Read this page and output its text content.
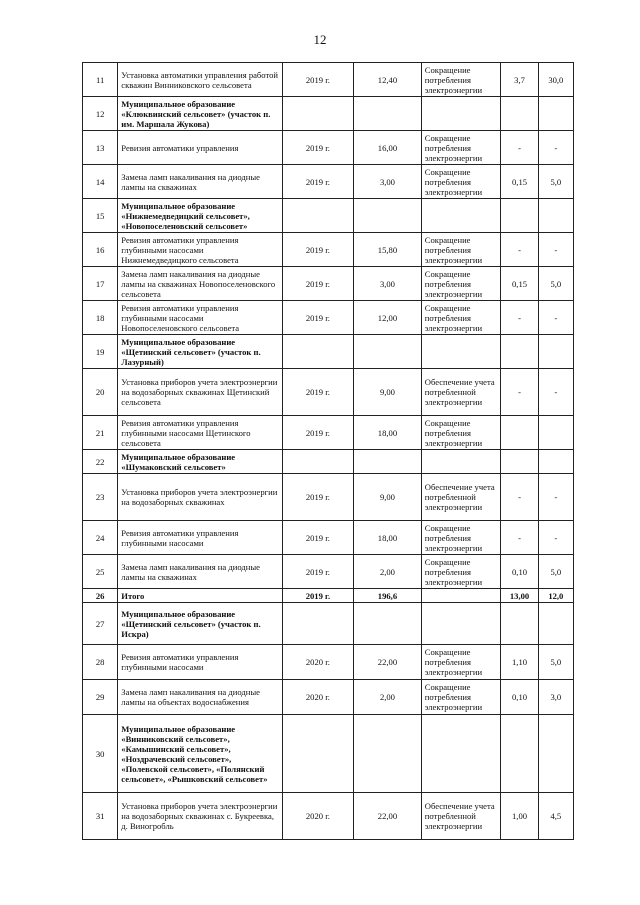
12
11	Установка автоматики управления работой скважин Винниковского сельсовета	2019 г.	12,40	Сокращение потребления электроэнергии	3,7	30,0
12	Муниципальное образование «Клюквинский сельсовет» (участок п. им. Маршала Жукова)					
13	Ревизия автоматики управления	2019 г.	16,00	Сокращение потребления электроэнергии	-	-
14	Замена ламп накаливания на диодные лампы на скважинах	2019 г.	3,00	Сокращение потребления электроэнергии	0,15	5,0
15	Муниципальное образование «Нижнемедведицкий сельсовет», «Новопоселеновский сельсовет»					
16	Ревизия автоматики управления глубинными насосами Нижнемедведицкого сельсовета	2019 г.	15,80	Сокращение потребления электроэнергии	-	-
17	Замена ламп накаливания на диодные лампы на скважинах Новопоселеновского сельсовета	2019 г.	3,00	Сокращение потребления электроэнергии	0,15	5,0
18	Ревизия автоматики управления глубинными насосами Новопоселеновского сельсовета	2019 г.	12,00	Сокращение потребления электроэнергии	-	-
19	Муниципальное образование «Щетинский сельсовет» (участок п. Лазурный)					
20	Установка приборов учета электроэнергии на водозаборных скважинах Щетинский сельсовета	2019 г.	9,00	Обеспечение учета потребленной электроэнергии	-	-
21	Ревизия автоматики управления глубинными насосами Щетинского сельсовета	2019 г.	18,00	Сокращение потребления электроэнергии		
22	Муниципальное образование «Шумаковский сельсовет»					
23	Установка приборов учета электроэнергии на водозаборных скважинах	2019 г.	9,00	Обеспечение учета потребленной электроэнергии	-	-
24	Ревизия автоматики управления глубинными насосами	2019 г.	18,00	Сокращение потребления электроэнергии	-	-
25	Замена ламп накаливания на диодные лампы на скважинах	2019 г.	2,00	Сокращение потребления электроэнергии	0,10	5,0
26	Итого	2019 г.	196,6		13,00	12,0
27	Муниципальное образование «Щетинский сельсовет» (участок п. Искра)					
28	Ревизия автоматики управления глубинными насосами	2020 г.	22,00	Сокращение потребления электроэнергии	1,10	5,0
29	Замена ламп накаливания на диодные лампы на объектах водоснабжения	2020 г.	2,00	Сокращение потребления электроэнергии	0,10	3,0
30	Муниципальное образование «Винниковский сельсовет», «Камышинский сельсовет», «Ноздрачевский сельсовет», «Полевской сельсовет», «Полянский сельсовет», «Рышковский сельсовет»					
31	Установка приборов учета электроэнергии на водозаборных скважинах с. Букреевка, д. Виногробль	2020 г.	22,00	Обеспечение учета потребленной электроэнергии	1,00	4,5
